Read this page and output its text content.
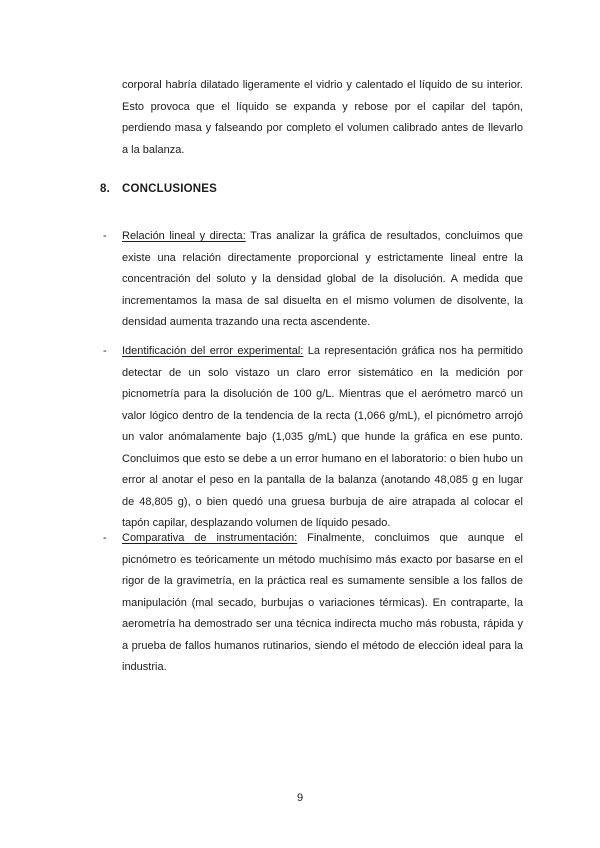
corporal habría dilatado ligeramente el vidrio y calentado el líquido de su interior. Esto provoca que el líquido se expanda y rebose por el capilar del tapón, perdiendo masa y falseando por completo el volumen calibrado antes de llevarlo a la balanza.

8. CONCLUSIONES
-	Relación lineal y directa: Tras analizar la gráfica de resultados, concluimos que existe una relación directamente proporcional y estrictamente lineal entre la concentración del soluto y la densidad global de la disolución. A medida que incrementamos la masa de sal disuelta en el mismo volumen de disolvente, la densidad aumenta trazando una recta ascendente.
-	Identificación del error experimental: La representación gráfica nos ha permitido detectar de un solo vistazo un claro error sistemático en la medición por picnometría para la disolución de 100 g/L. Mientras que el aerómetro marcó un valor lógico dentro de la tendencia de la recta (1,066 g/mL), el picnómetro arrojó un valor anómalamente bajo (1,035 g/mL) que hunde la gráfica en ese punto. Concluimos que esto se debe a un error humano en el laboratorio: o bien hubo un error al anotar el peso en la pantalla de la balanza (anotando 48,085 g en lugar de 48,805 g), o bien quedó una gruesa burbuja de aire atrapada al colocar el tapón capilar, desplazando volumen de líquido pesado.
-	Comparativa de instrumentación: Finalmente, concluimos que aunque el picnómetro es teóricamente un método muchísimo más exacto por basarse en el rigor de la gravimetría, en la práctica real es sumamente sensible a los fallos de manipulación (mal secado, burbujas o variaciones térmicas). En contraparte, la aerometría ha demostrado ser una técnica indirecta mucho más robusta, rápida y a prueba de fallos humanos rutinarios, siendo el método de elección ideal para la industria.
9
